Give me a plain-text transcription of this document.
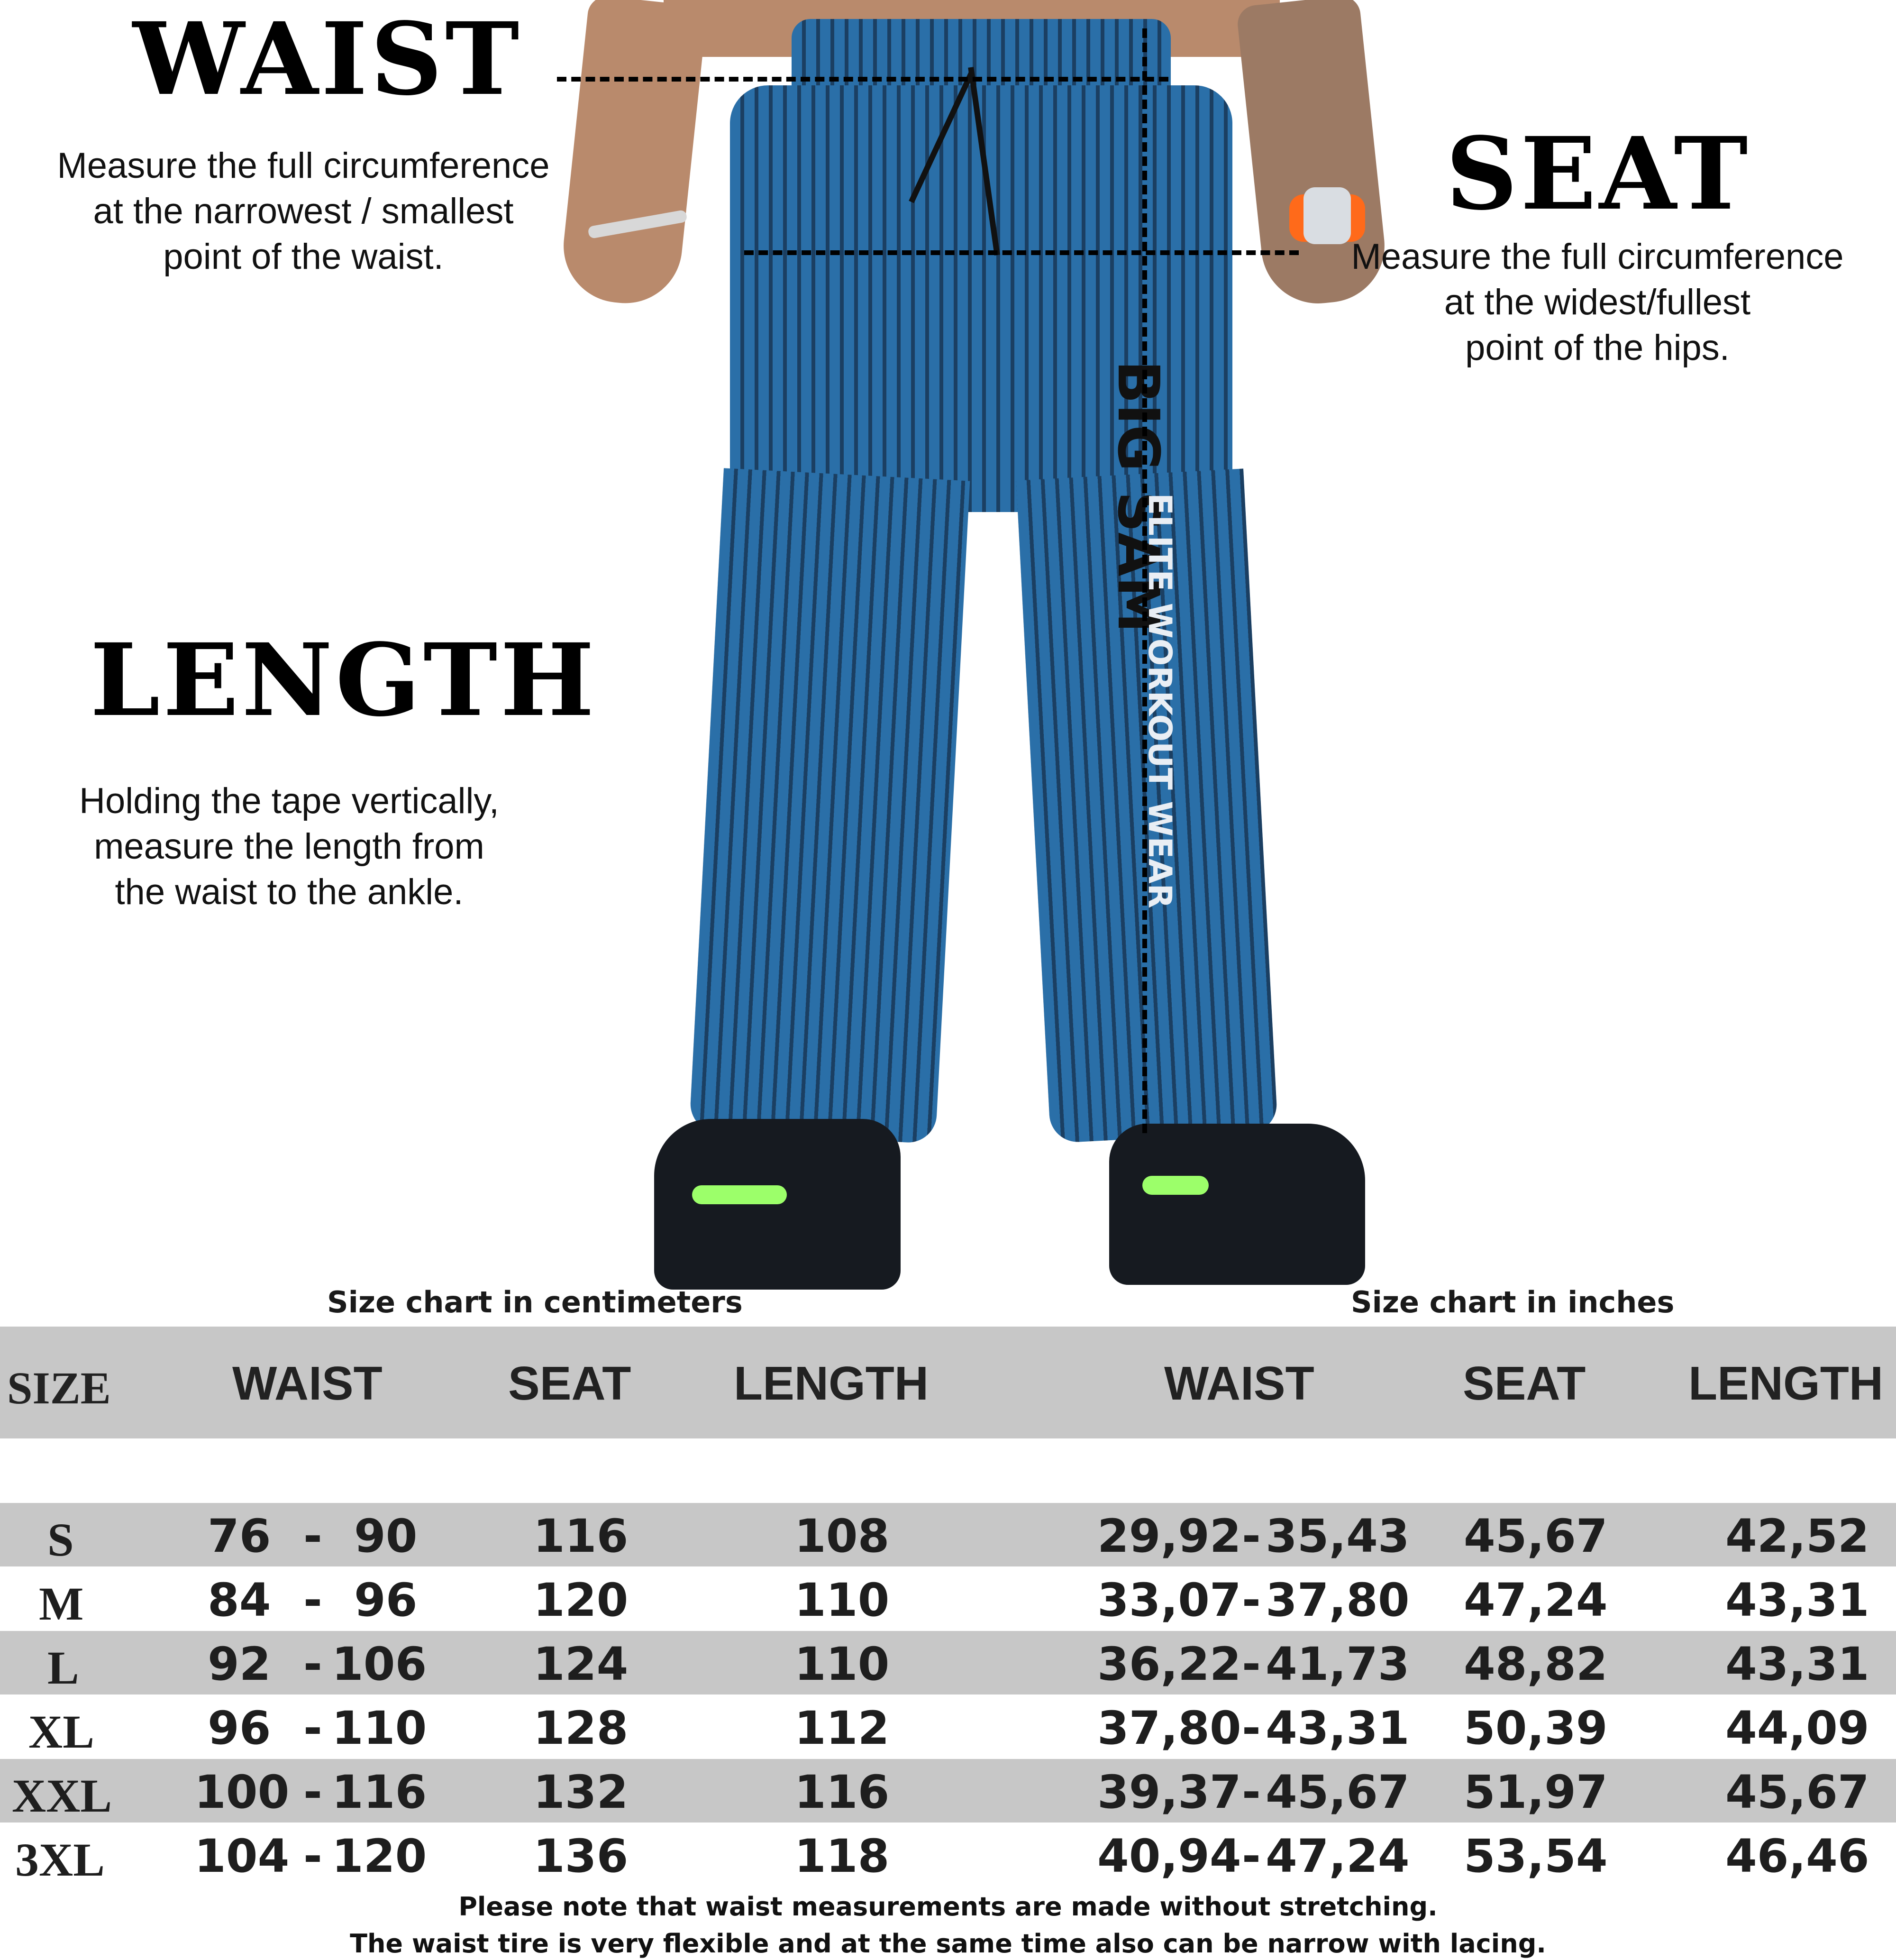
BIG SAM
WAIST
Measure the full circumference
at the narrowest / smallest
point of the waist.
SEAT
Measure the full circumference
at the widest/fullest
point of the hips.
LENGTH
Holding the tape vertically,
measure the length from
the waist to the ankle.
Size chart in centimeters	Size chart in inches
SIZE	WAIST	SEAT LENGTH	WAIST	SEAT LENGTH
S	76 - 90	116	108	29,92 - 35,43 45,67	42,52
M	84 - 96	120	110	33,07 - 37,80 47,24	43,31
L	92 - 106 124	110	36,22 - 41,73 48,82	43,31
XL 96 - 110 128	112	37,80 - 43,31 50,39	44,09
XXL 100 - 116 132	116	39,37 - 45,67 51,97	45,67
3XL 104 - 120 136	118	40,94 - 47,24 53,54	46,46
Please note that waist measurements are made without stretching.
The waist tire is very flexible and at the same time also can be narrow with lacing.
